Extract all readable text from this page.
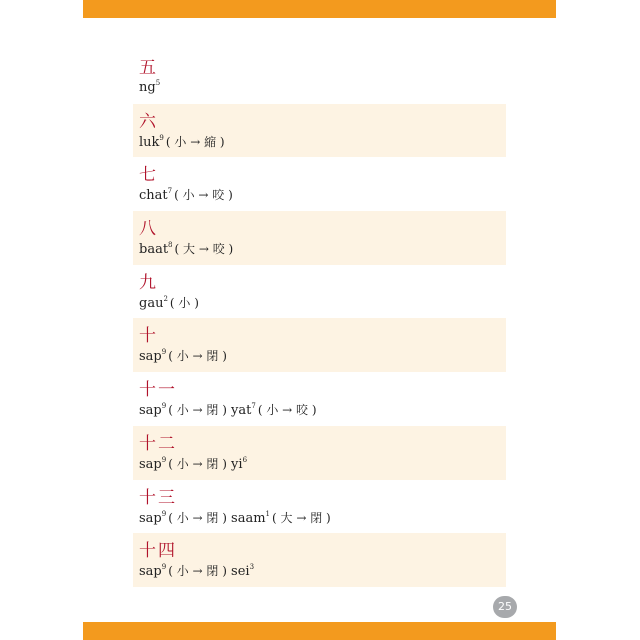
五
$ng^5$
六
luk$^9$ ( 小 → 縮 )
七
chat$^7$ ( 小 → 咬 )
八
baat$^8$ ( 大 → 咬 )
九
gau$^2$ ( 小 )
十
sap$^9$ ( 小 → 閉 )
十一
sap$^9$ ( 小 → 閉 ) yat$^7$ ( 小 → 咬 )
十二
sap$^9$ ( 小 → 閉 ) $yi^6$
十三
sap$^9$ ( 小 → 閉 ) saam$^1$ ( 大 → 閉 )
十四
sap$^9$ ( 小 → 閉 ) sei$^3$
25
